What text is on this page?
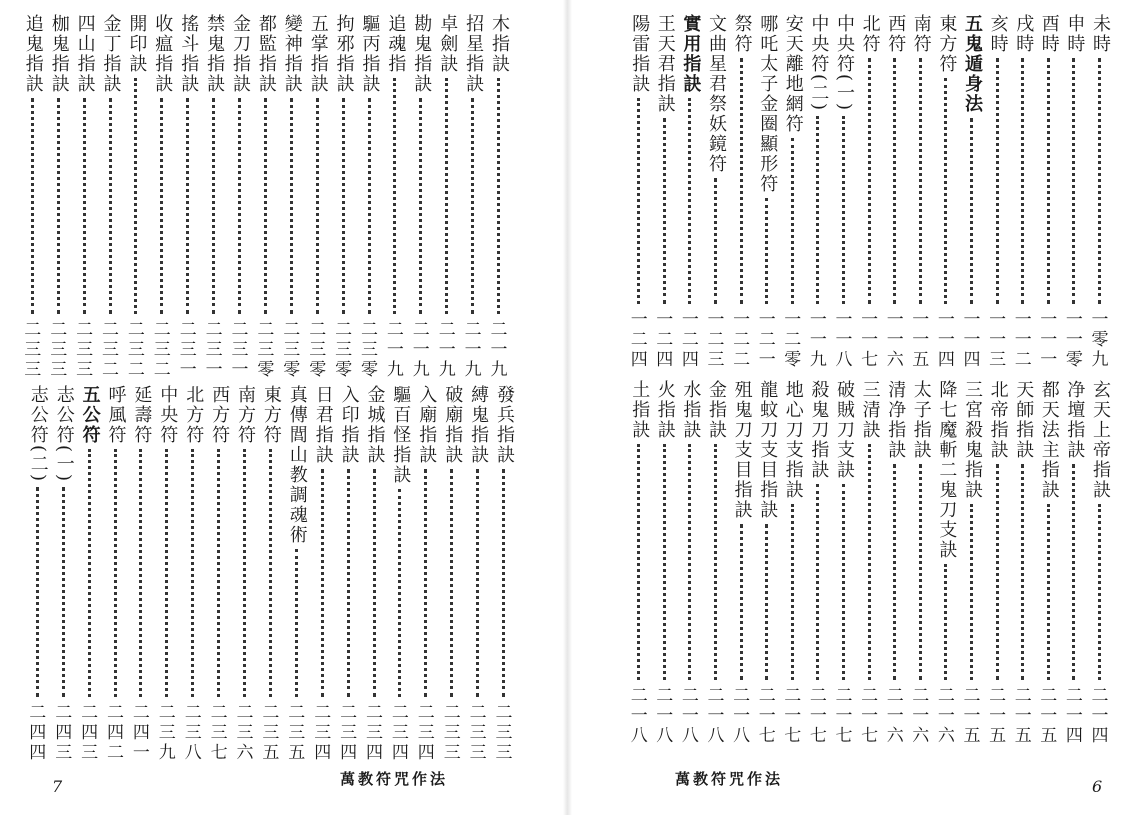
木指訣
二
一
九
招星指訣
二
一
九
卓劍訣
二
一
九
勘鬼指訣
二
一
九
追魂指
二
一
九
驅丙指訣
二
三
零
拘邪指訣
二
三
零
五掌指訣
二
三
零
變神指訣
二
三
零
都監指訣
二
三
零
金刀指訣
二
三
一
禁鬼指訣
二
三
一
搖斗指訣
二
三
一
收瘟指訣
二
三
二
開印訣
二
三
二
金丁指訣
二
三
二
四山指訣
二
三
三
枷鬼指訣
二
三
三
追鬼指訣
二
三
三
發兵指訣
二
三
三
縛鬼指訣
二
三
三
破廟指訣
二
三
三
入廟指訣
二
三
四
驅百怪指訣
二
三
四
金城指訣
二
三
四
入印指訣
二
三
四
日君指訣
二
三
四
真傳閭山教調魂術
二
三
五
東方符
二
三
五
南方符
二
三
六
西方符
二
三
七
北方符
二
三
八
中央符
二
三
九
延壽符
二
四
一
呼風符
二
四
二
五公符
二
四
三
志公符(一)
二
四
三
志公符(二)
二
四
四
萬教符咒作法
7
未時
一
零
九
申時
一
一
零
酉時
一
一
一
戌時
一
一
二
亥時
一
一
三
五鬼遁身法
一
一
四
東方符
一
一
四
南符
一
一
五
西符
一
一
六
北符
一
一
七
中央符(一)
一
一
八
中央符(二)
一
一
九
安天離地網符
一
二
零
哪吒太子金圈顯形符
一
二
一
祭符
一
二
二
文曲星君祭妖鏡符
一
二
三
實用指訣
一
二
四
王天君指訣
一
二
四
陽雷指訣
一
二
四
玄天上帝指訣
二
一
四
净壇指訣
二
一
四
都天法主指訣
二
一
五
天師指訣
二
一
五
北帝指訣
二
一
五
三宮殺鬼指訣
二
一
五
降七魔斬二鬼刀支訣
二
一
六
太子指訣
二
一
六
清净指訣
二
一
六
三清訣
二
一
七
破賊刀支訣
二
一
七
殺鬼刀指訣
二
一
七
地心刀支指訣
二
一
七
龍蚊刀支目指訣
二
一
七
殂鬼刀支目指訣
二
一
八
金指訣
二
一
八
水指訣
二
一
八
火指訣
二
一
八
土指訣
二
一
八
萬教符咒作法	6
